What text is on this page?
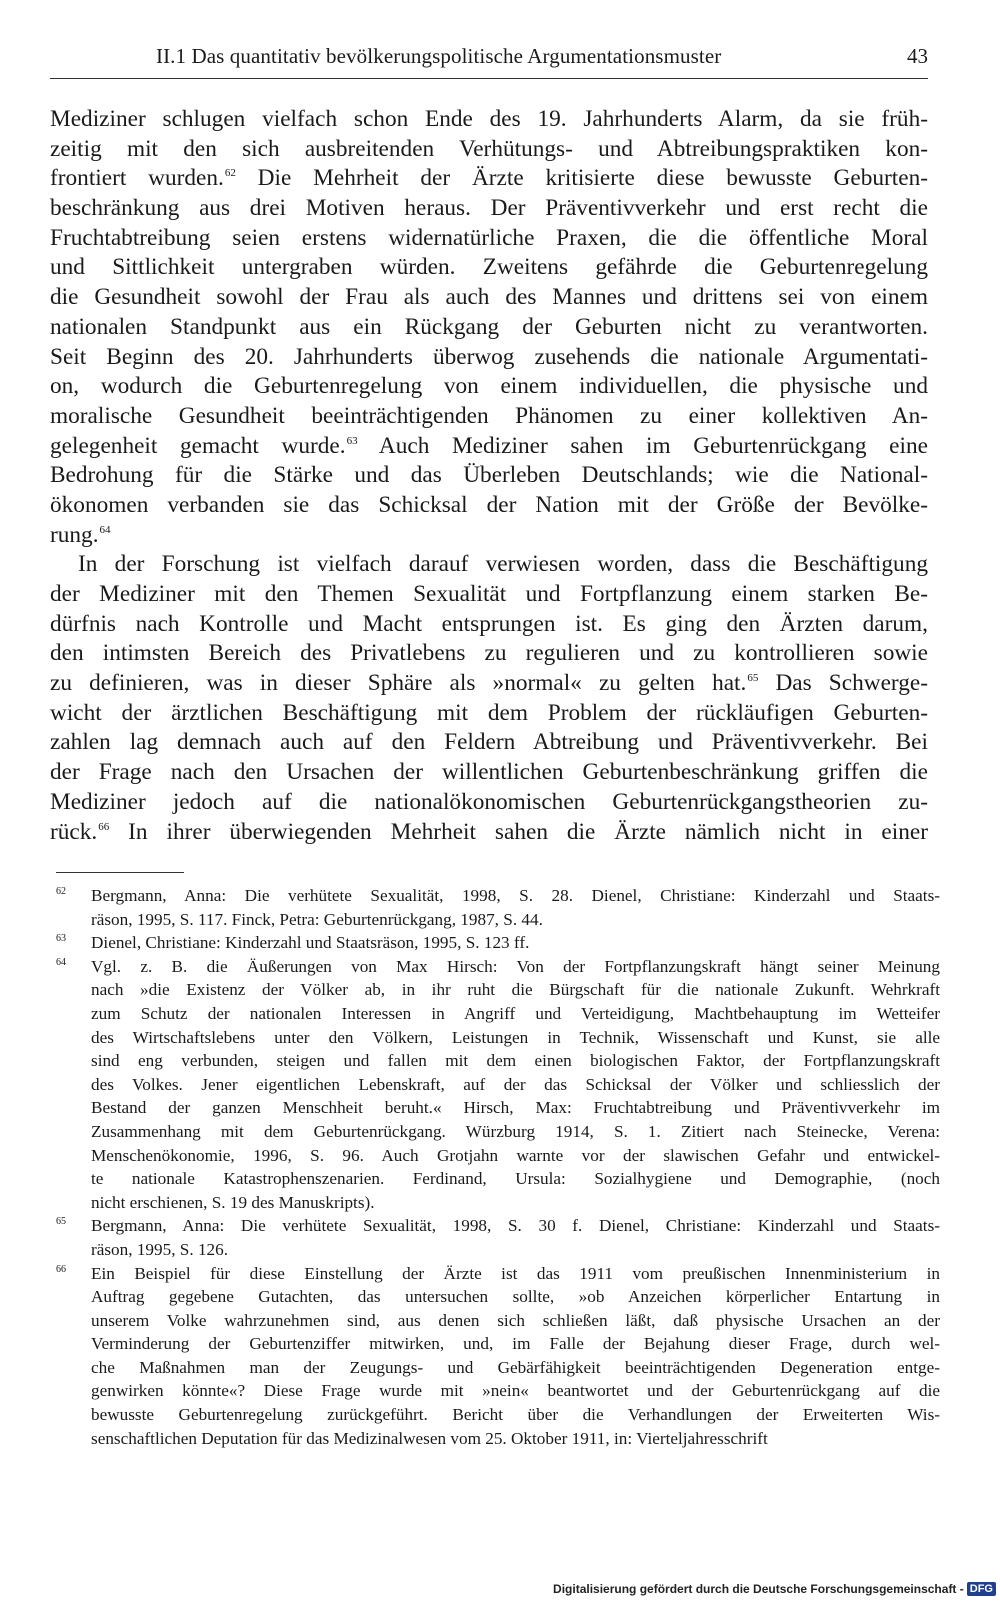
II.1 Das quantitativ bevölkerungspolitische Argumentationsmuster	43
Mediziner schlugen vielfach schon Ende des 19. Jahrhunderts Alarm, da sie früh-
zeitig mit den sich ausbreitenden Verhütungs- und Abtreibungspraktiken kon-
frontiert wurden.$^{62}$ Die Mehrheit der Ärzte kritisierte diese bewusste Geburten-
beschränkung aus drei Motiven heraus. Der Präventivverkehr und erst recht die
Fruchtabtreibung seien erstens widernatürliche Praxen, die die öffentliche Moral
und Sittlichkeit untergraben würden. Zweitens gefährde die Geburtenregelung
die Gesundheit sowohl der Frau als auch des Mannes und drittens sei von einem
nationalen Standpunkt aus ein Rückgang der Geburten nicht zu verantworten.
Seit Beginn des 20. Jahrhunderts überwog zusehends die nationale Argumentati-
on, wodurch die Geburtenregelung von einem individuellen, die physische und
moralische Gesundheit beeinträchtigenden Phänomen zu einer kollektiven An-
gelegenheit gemacht wurde.$^{63}$ Auch Mediziner sahen im Geburtenrückgang eine
Bedrohung für die Stärke und das Überleben Deutschlands; wie die National-
ökonomen verbanden sie das Schicksal der Nation mit der Größe der Bevölke-
rung.$^{64}$
In der Forschung ist vielfach darauf verwiesen worden, dass die Beschäftigung
der Mediziner mit den Themen Sexualität und Fortpflanzung einem starken Be-
dürfnis nach Kontrolle und Macht entsprungen ist. Es ging den Ärzten darum,
den intimsten Bereich des Privatlebens zu regulieren und zu kontrollieren sowie
zu definieren, was in dieser Sphäre als »normal« zu gelten hat.$^{65}$ Das Schwerge-
wicht der ärztlichen Beschäftigung mit dem Problem der rückläufigen Geburten-
zahlen lag demnach auch auf den Feldern Abtreibung und Präventivverkehr. Bei
der Frage nach den Ursachen der willentlichen Geburtenbeschränkung griffen die
Mediziner jedoch auf die nationalökonomischen Geburtenrückgangstheorien zu-
rück.$^{66}$ In ihrer überwiegenden Mehrheit sahen die Ärzte nämlich nicht in einer
62 Bergmann, Anna: Die verhütete Sexualität, 1998, S. 28. Dienel, Christiane: Kinderzahl und Staats-
räson, 1995, S. 117. Finck, Petra: Geburtenrückgang, 1987, S. 44.
63 Dienel, Christiane: Kinderzahl und Staatsräson, 1995, S. 123 ff.
64 Vgl. z. B. die Äußerungen von Max Hirsch: Von der Fortpflanzungskraft hängt seiner Meinung
nach »die Existenz der Völker ab, in ihr ruht die Bürgschaft für die nationale Zukunft. Wehrkraft
zum Schutz der nationalen Interessen in Angriff und Verteidigung, Machtbehauptung im Wetteifer
des Wirtschaftslebens unter den Völkern, Leistungen in Technik, Wissenschaft und Kunst, sie alle
sind eng verbunden, steigen und fallen mit dem einen biologischen Faktor, der Fortpflanzungskraft
des Volkes. Jener eigentlichen Lebenskraft, auf der das Schicksal der Völker und schliesslich der
Bestand der ganzen Menschheit beruht.« Hirsch, Max: Fruchtabtreibung und Präventivverkehr im
Zusammenhang mit dem Geburtenrückgang. Würzburg 1914, S. 1. Zitiert nach Steinecke, Verena:
Menschenökonomie, 1996, S. 96. Auch Grotjahn warnte vor der slawischen Gefahr und entwickel-
te nationale Katastrophenszenarien. Ferdinand, Ursula: Sozialhygiene und Demographie, (noch
nicht erschienen, S. 19 des Manuskripts).
65 Bergmann, Anna: Die verhütete Sexualität, 1998, S. 30 f. Dienel, Christiane: Kinderzahl und Staats-
räson, 1995, S. 126.
66 Ein Beispiel für diese Einstellung der Ärzte ist das 1911 vom preußischen Innenministerium in
Auftrag gegebene Gutachten, das untersuchen sollte, »ob Anzeichen körperlicher Entartung in
unserem Volke wahrzunehmen sind, aus denen sich schließen läßt, daß physische Ursachen an der
Verminderung der Geburtenziffer mitwirken, und, im Falle der Bejahung dieser Frage, durch wel-
che Maßnahmen man der Zeugungs- und Gebärfähigkeit beeinträchtigenden Degeneration entge-
genwirken könnte«? Diese Frage wurde mit »nein« beantwortet und der Geburtenrückgang auf die
bewusste Geburtenregelung zurückgeführt. Bericht über die Verhandlungen der Erweiterten Wis-
senschaftlichen Deputation für das Medizinalwesen vom 25. Oktober 1911, in: Vierteljahresschrift
Digitalisierung gefördert durch die Deutsche Forschungsgemeinschaft - DFG
